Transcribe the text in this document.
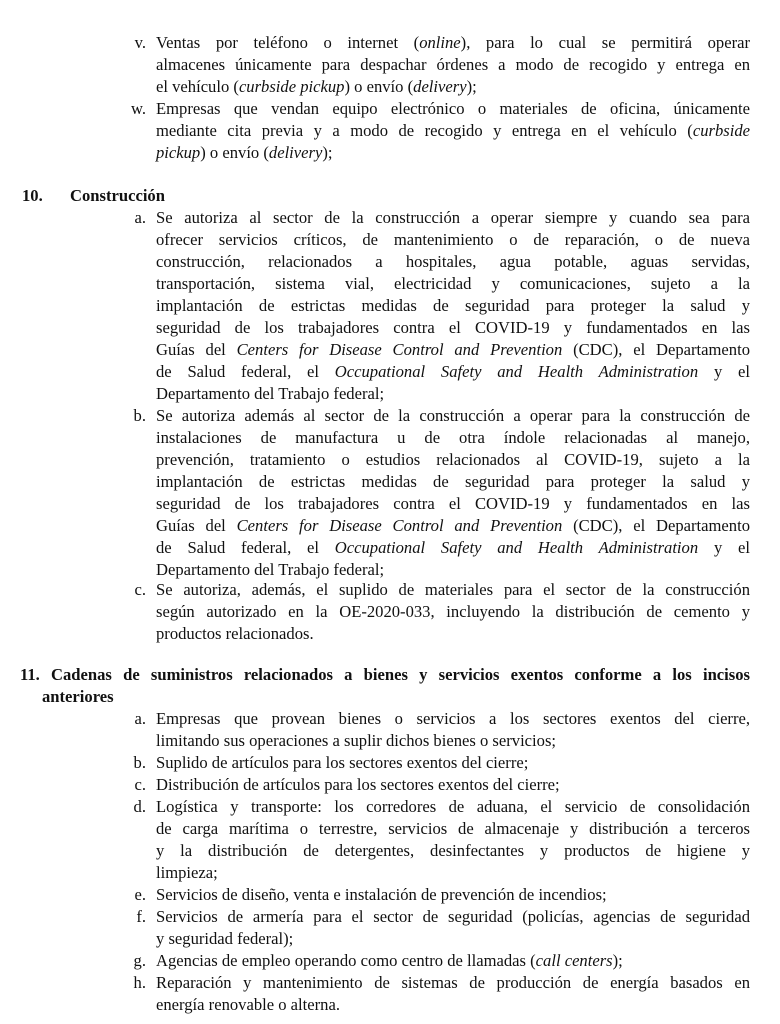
v. Ventas por teléfono o internet (online), para lo cual se permitirá operar
almacenes únicamente para despachar órdenes a modo de recogido y entrega en
el vehículo (curbside pickup) o envío (delivery);
w. Empresas que vendan equipo electrónico o materiales de oficina, únicamente
mediante cita previa y a modo de recogido y entrega en el vehículo (curbside
pickup) o envío (delivery);
10. Construcción
a. Se autoriza al sector de la construcción a operar siempre y cuando sea para
ofrecer servicios críticos, de mantenimiento o de reparación, o de nueva
construcción, relacionados a hospitales, agua potable, aguas servidas,
transportación, sistema vial, electricidad y comunicaciones, sujeto a la
implantación de estrictas medidas de seguridad para proteger la salud y
seguridad de los trabajadores contra el COVID-19 y fundamentados en las
Guías del Centers for Disease Control and Prevention (CDC), el Departamento
de Salud federal, el Occupational Safety and Health Administration y el
Departamento del Trabajo federal;
b. Se autoriza además al sector de la construcción a operar para la construcción de
instalaciones de manufactura u de otra índole relacionadas al manejo,
prevención, tratamiento o estudios relacionados al COVID-19, sujeto a la
implantación de estrictas medidas de seguridad para proteger la salud y
seguridad de los trabajadores contra el COVID-19 y fundamentados en las
Guías del Centers for Disease Control and Prevention (CDC), el Departamento
de Salud federal, el Occupational Safety and Health Administration y el
Departamento del Trabajo federal;
c. Se autoriza, además, el suplido de materiales para el sector de la construcción
según autorizado en la OE-2020-033, incluyendo la distribución de cemento y
productos relacionados.
11. Cadenas de suministros relacionados a bienes y servicios exentos conforme a los incisos
anteriores
a. Empresas que provean bienes o servicios a los sectores exentos del cierre,
limitando sus operaciones a suplir dichos bienes o servicios;
b. Suplido de artículos para los sectores exentos del cierre;
c. Distribución de artículos para los sectores exentos del cierre;
d. Logística y transporte: los corredores de aduana, el servicio de consolidación
de carga marítima o terrestre, servicios de almacenaje y distribución a terceros
y la distribución de detergentes, desinfectantes y productos de higiene y
limpieza;
e. Servicios de diseño, venta e instalación de prevención de incendios;
f. Servicios de armería para el sector de seguridad (policías, agencias de seguridad
y seguridad federal);
g. Agencias de empleo operando como centro de llamadas (call centers);
h. Reparación y mantenimiento de sistemas de producción de energía basados en
energía renovable o alterna.
